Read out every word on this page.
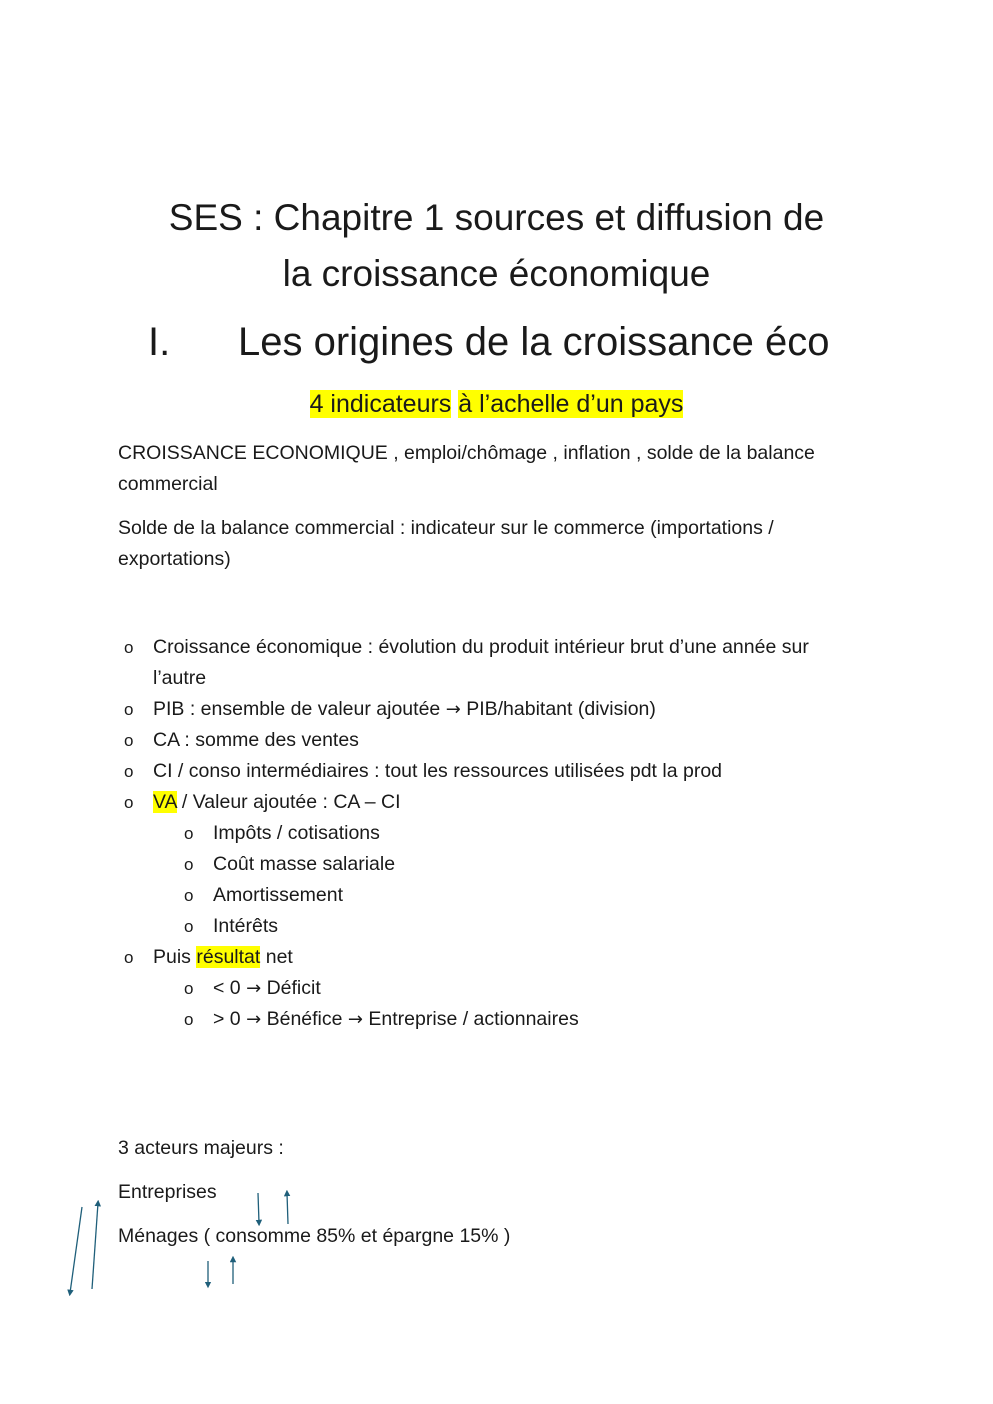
SES : Chapitre 1 sources et diffusion de
la croissance économique
I. Les origines de la croissance éco
4 indicateurs à l’achelle d’un pays

CROISSANCE ECONOMIQUE , emploi/chômage , inflation , solde de la balance commercial

Solde de la balance commercial : indicateur sur le commerce (importations / exportations)

o Croissance économique : évolution du produit intérieur brut d’une année sur l’autre
o PIB : ensemble de valeur ajoutée → PIB/habitant (division)
o CA : somme des ventes
o CI / conso intermédiaires : tout les ressources utilisées pdt la prod
o VA / Valeur ajoutée : CA – CI
o Impôts / cotisations
o Coût masse salariale
o Amortissement
o Intérêts
o Puis résultat net
o < 0 → Déficit
o > 0 → Bénéfice → Entreprise / actionnaires

3 acteurs majeurs :

Entreprises

Ménages ( consomme 85% et épargne 15% )
